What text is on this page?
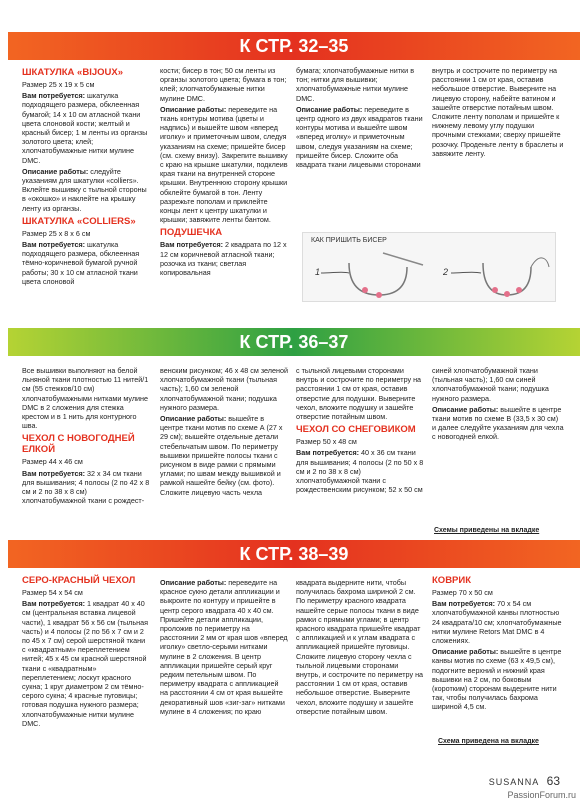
К СТР. 32–35
ШКАТУЛКА «BIJOUX»

Размер 25 х 19 х 5 см

Вам потребуется: шкатулка подходящего размера, обклеенная бумагой; 14 х 10 см атласной ткани цвета слоновой кости; желтый и красный бисер; 1 м ленты из органзы золотого цвета; клей; хлопчатобумажные нитки мулине DMC.

Описание работы: следуйте указаниям для шкатулки «colliers». Вклейте вышивку с тыльной стороны в «окошко» и наклейте на крышку ленту из органзы.

ШКАТУЛКА «COLLIERS»

Размер 25 х 8 х 6 см

Вам потребуется: шкатулка подходящего размера, обклеенная тёмно-коричневой бумагой ручной работы; 30 х 10 см атласной ткани цвета слоновой

кости; бисер в тон; 50 см ленты из органзы золотого цвета; бумага в тон; клей; хлопчатобумажные нитки мулине DMC.

Описание работы: переведите на ткань контуры мотива (цветы и надпись) и вышейте швом «вперед иголку» и приметочным швом, следуя указаниям на схеме; пришейте бисер (см. схему внизу). Закрепите вышивку с краю на крышке шкатулки, подклеив края ткани на внутренней стороне крышки. Внутреннюю сторону крышки обклейте бумагой в тон. Ленту разрежьте пополам и приклейте концы лент к центру шкатулки и крышки; завяжите ленты бантом.

ПОДУШЕЧКА

Вам потребуется: 2 квадрата по 12 х 12 см коричневой атласной ткани; розочка из ткани; светлая копировальная

бумага; хлопчатобумажные нитки в тон; нитки для вышивки; хлопчатобумажные нитки мулине DMC.

Описание работы: переведите в центр одного из двух квадратов ткани контуры мотива и вышейте швом «вперед иголку» и приметочным швом, следуя указаниям на схеме; пришейте бисер. Сложите оба квадрата ткани лицевыми сторонами

внутрь и сострочите по периметру на расстоянии 1 см от края, оставив небольшое отверстие. Выверните на лицевую сторону, набейте ватином и зашейте отверстие потайным швом. Сложите ленту пополам и пришейте к нижнему левому углу подушки прочными стежками; сверху пришейте розочку. Проденьте ленту в браслеты и завяжите ленту.

КАК ПРИШИТЬ БИСЕР
1	2
К СТР. 36–37

Все вышивки выполняют на белой льняной ткани плотностью 11 нитей/1 см (55 стежков/10 см) хлопчатобумажными нитками мулине DMC в 2 сложения для стежка крестом и в 1 нить для контурного шва.

ЧЕХОЛ С НОВОГОДНЕЙ ЕЛКОЙ

Размер 44 х 46 см

Вам потребуется: 32 х 34 см ткани для вышивания; 4 полосы (2 по 42 х 8 см и 2 по 38 х 8 см) хлопчатобумажной ткани с рождест-

венским рисунком; 46 х 48 см зеленой хлопчатобумажной ткани (тыльная часть); 1,60 см зеленой хлопчатобумажной ткани; подушка нужного размера.

Описание работы: вышейте в центре ткани мотив по схеме А (27 х 29 см); вышейте отдельные детали стебельчатым швом. По периметру вышивки пришейте полосы ткани с рисунком в виде рамки с прямыми углами; по швам между вышивкой и рамкой нашейте бейку (см. фото). Сложите лицевую часть чехла

с тыльной лицевыми сторонами внутрь и сострочите по периметру на расстоянии 1 см от края, оставив отверстие для подушки. Выверните чехол, вложите подушку и зашейте отверстие потайным швом.

ЧЕХОЛ СО СНЕГОВИКОМ

Размер 50 х 48 см

Вам потребуется: 40 х 36 см ткани для вышивания; 4 полосы (2 по 50 х 8 см и 2 по 38 х 8 см) хлопчатобумажной ткани с рождественским рисунком; 52 х 50 см

синей хлопчатобумажной ткани (тыльная часть); 1,60 см синей хлопчатобумажной ткани; подушка нужного размера.

Описание работы: вышейте в центре ткани мотив по схеме В (33,5 х 30 см) и далее следуйте указаниям для чехла с новогодней елкой.

Схемы приведены на вкладке
К СТР. 38–39
СЕРО-КРАСНЫЙ ЧЕХОЛ

Размер 54 х 54 см

Вам потребуется: 1 квадрат 40 х 40 см (центральная вставка лицевой части), 1 квадрат 56 х 56 см (тыльная часть) и 4 полосы (2 по 56 х 7 см и 2 по 45 х 7 см) серой шерстяной ткани с «квадратным» переплетением нитей; 45 х 45 см красной шерстяной ткани с «квадратным» переплетением; лоскут красного сукна; 1 круг диаметром 2 см тёмно-серого сукна; 4 красные пуговицы; готовая подушка нужного размера; хлопчатобумажные нитки мулине DMC.

Описание работы: переведите на красное сукно детали аппликации и выкроите по контуру и пришейте в центр серого квадрата 40 х 40 см. Пришейте детали аппликации, проложив по периметру на расстоянии 2 мм от края шов «вперед иголку» светло-серыми нитками мулине в 2 сложения. В центр аппликации пришейте серый круг редким петельным швом. По периметру квадрата с аппликацией на расстоянии 4 см от края вышейте декоративный шов «зиг-заг» нитками мулине в 4 сложения; по краю

квадрата выдерните нити, чтобы получилась бахрома шириной 2 см. По периметру красного квадрата нашейте серые полосы ткани в виде рамки с прямыми углами; в центр красного квадрата пришейте квадрат с аппликацией и к углам квадрата с аппликацией пришейте пуговицы. Сложите лицевую сторону чехла с тыльной лицевыми сторонами внутрь, и сострочите по периметру на расстоянии 1 см от края, оставив небольшое отверстие. Выверните чехол, вложите подушку и зашейте отверстие потайным швом.

КОВРИК

Размер 70 х 50 см

Вам потребуется: 70 х 54 см хлопчатобумажной канвы плотностью 24 квадрата/10 см; хлопчатобумажные нитки мулине Retors Mat DMC в 4 сложениях.

Описание работы: вышейте в центре канвы мотив по схеме (63 х 49,5 см), подогните верхний и нижний края вышивки на 2 см, по боковым (коротким) сторонам выдерните нити так, чтобы получилась бахрома шириной 4,5 см.

Схема приведена на вкладке
SUSANNA 63
PassionForum.ru
